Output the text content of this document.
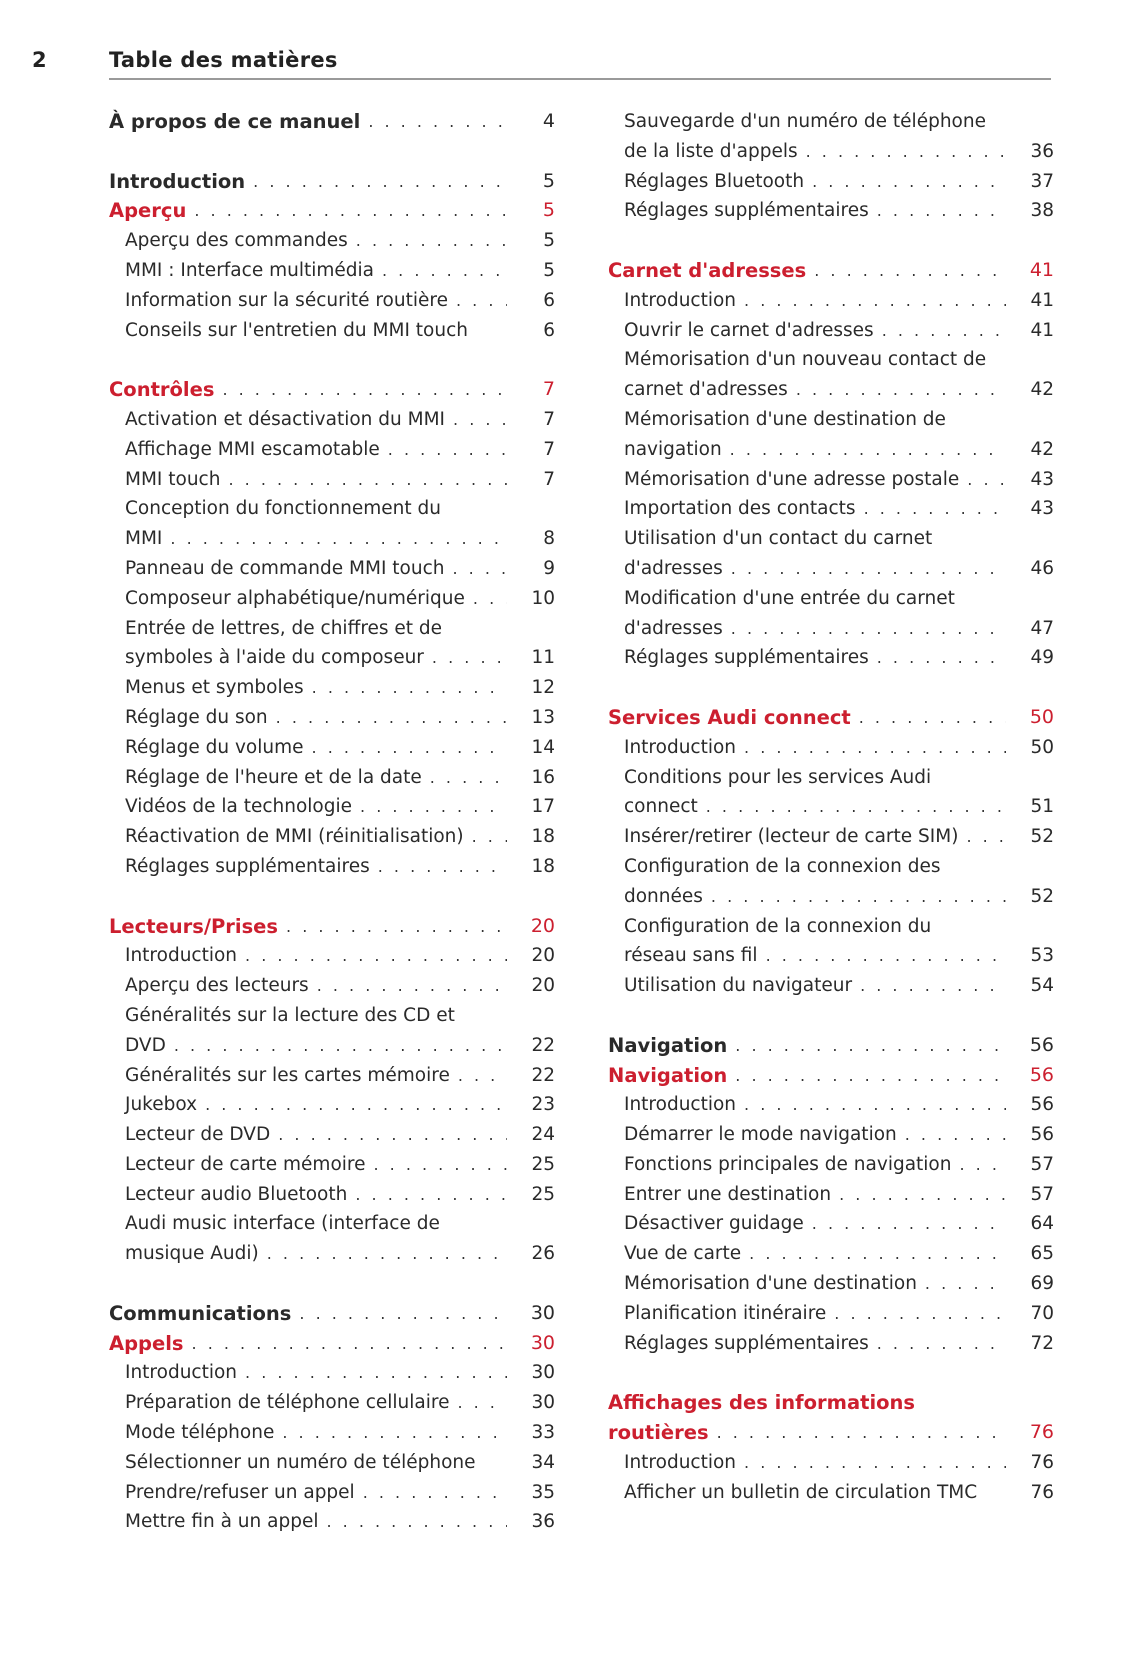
2	Table des matières
À propos de ce manuel . . .	4
Introduction . . .	5
Aperçu . . .	5
Aperçu des commandes . . .	5
MMI : Interface multimédia . . .	5
Information sur la sécurité routière . . .	6
Conseils sur l'entretien du MMI touch	6
Contrôles . . .	7
Activation et désactivation du MMI . . .	7
Affichage MMI escamotable . . .	7
MMI touch . . .	7
Conception du fonctionnement du
MMI . . .	8
Panneau de commande MMI touch . . .	9
Composeur alphabétique/numérique . . .	10
Entrée de lettres, de chiffres et de
symboles à l'aide du composeur . . .	11
Menus et symboles . . .	12
Réglage du son . . .	13
Réglage du volume . . .	14
Réglage de l'heure et de la date . . .	16
Vidéos de la technologie . . .	17
Réactivation de MMI (réinitialisation) . . .	18
Réglages supplémentaires . . .	18
Lecteurs/Prises . . .	20
Introduction . . .	20
Aperçu des lecteurs . . .	20
Généralités sur la lecture des CD et
DVD . . .	22
Généralités sur les cartes mémoire . . .	22
Jukebox . . .	23
Lecteur de DVD . . .	24
Lecteur de carte mémoire . . .	25
Lecteur audio Bluetooth . . .	25
Audi music interface (interface de
musique Audi) . . .	26
Communications . . .	30
Appels . . .	30
Introduction . . .	30
Préparation de téléphone cellulaire . . .	30
Mode téléphone . . .	33
Sélectionner un numéro de téléphone	34
Prendre/refuser un appel . . .	35
Mettre fin à un appel . . .	36
Sauvegarde d'un numéro de téléphone
de la liste d'appels . . .	36
Réglages Bluetooth . . .	37
Réglages supplémentaires . . .	38
Carnet d'adresses . . .	41
Introduction . . .	41
Ouvrir le carnet d'adresses . . .	41
Mémorisation d'un nouveau contact de
carnet d'adresses . . .	42
Mémorisation d'une destination de
navigation . . .	42
Mémorisation d'une adresse postale . . .	43
Importation des contacts . . .	43
Utilisation d'un contact du carnet
d'adresses . . .	46
Modification d'une entrée du carnet
d'adresses . . .	47
Réglages supplémentaires . . .	49
Services Audi connect . . .	50
Introduction . . .	50
Conditions pour les services Audi
connect . . .	51
Insérer/retirer (lecteur de carte SIM) . . .	52
Configuration de la connexion des
données . . .	52
Configuration de la connexion du
réseau sans fil . . .	53
Utilisation du navigateur . . .	54
Navigation . . .	56
Navigation . . .	56
Introduction . . .	56
Démarrer le mode navigation . . .	56
Fonctions principales de navigation . . .	57
Entrer une destination . . .	57
Désactiver guidage . . .	64
Vue de carte . . .	65
Mémorisation d'une destination . . .	69
Planification itinéraire . . .	70
Réglages supplémentaires . . .	72
Affichages des informations
routières . . .	76
Introduction . . .	76
Afficher un bulletin de circulation TMC	76
